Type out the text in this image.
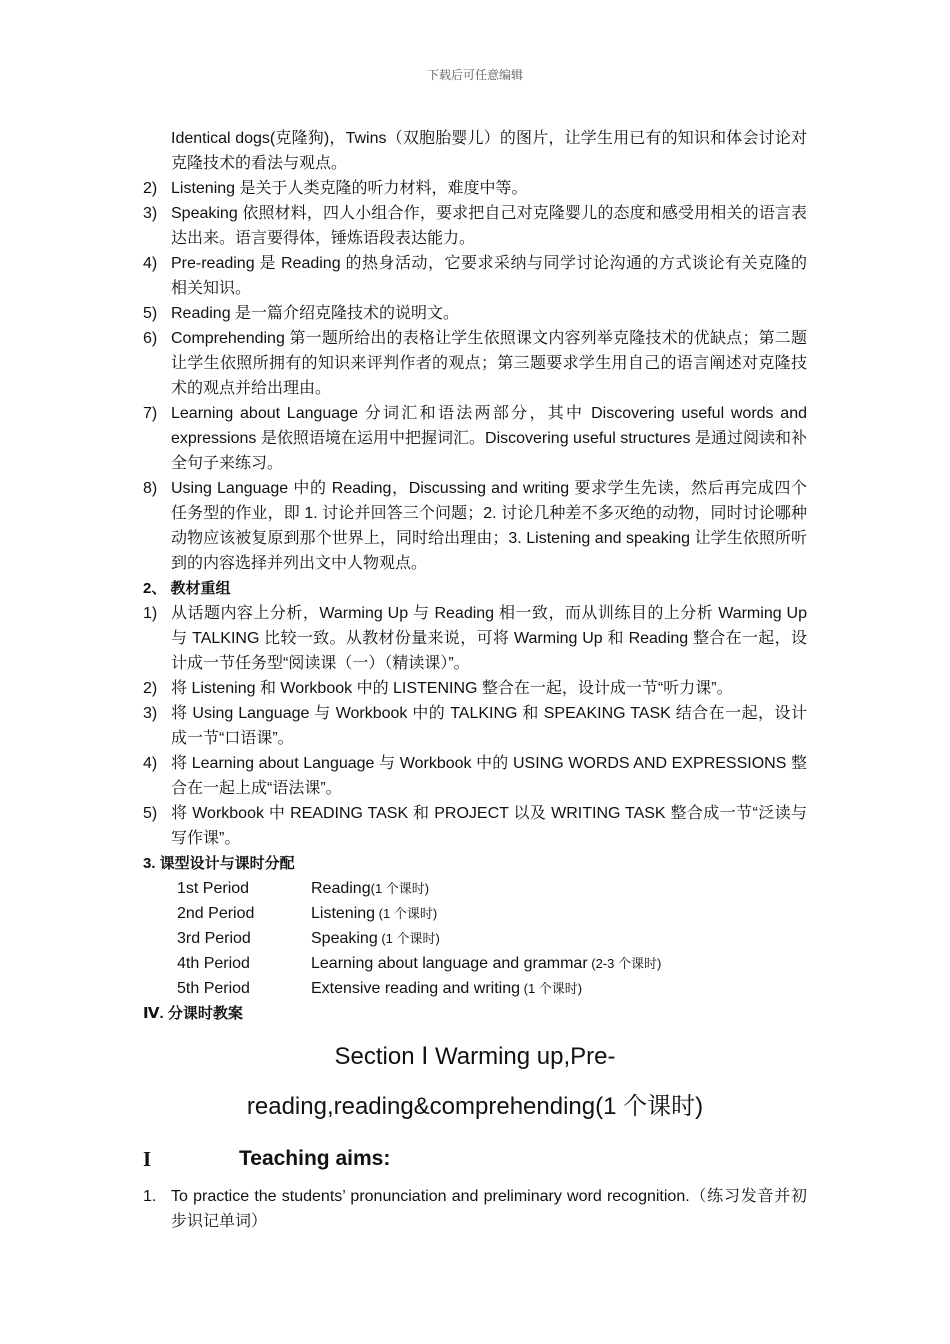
下载后可任意编辑
Identical dogs(克隆狗)，Twins（双胞胎婴儿）的图片，让学生用已有的知识和体会讨论对克隆技术的看法与观点。
2) Listening 是关于人类克隆的听力材料，难度中等。
3) Speaking 依照材料，四人小组合作，要求把自己对克隆婴儿的态度和感受用相关的语言表达出来。语言要得体，锤炼语段表达能力。
4) Pre-reading 是 Reading 的热身活动，它要求采纳与同学讨论沟通的方式谈论有关克隆的相关知识。
5) Reading 是一篇介绍克隆技术的说明文。
6) Comprehending 第一题所给出的表格让学生依照课文内容列举克隆技术的优缺点；第二题让学生依照所拥有的知识来评判作者的观点；第三题要求学生用自己的语言阐述对克隆技术的观点并给出理由。
7) Learning about Language 分词汇和语法两部分，其中 Discovering useful words and expressions 是依照语境在运用中把握词汇。Discovering useful structures 是通过阅读和补全句子来练习。
8) Using Language 中的 Reading，Discussing and writing 要求学生先读，然后再完成四个任务型的作业，即 1. 讨论并回答三个问题；2. 讨论几种差不多灭绝的动物，同时讨论哪种动物应该被复原到那个世界上，同时给出理由；3. Listening and speaking 让学生依照所听到的内容选择并列出文中人物观点。
2、 教材重组
1) 从话题内容上分析，Warming Up 与 Reading 相一致，而从训练目的上分析 Warming Up 与 TALKING 比较一致。从教材份量来说，可将 Warming Up 和 Reading 整合在一起，设计成一节任务型“阅读课（一）（精读课）”。
2) 将 Listening 和 Workbook 中的 LISTENING 整合在一起，设计成一节“听力课”。
3) 将 Using Language 与 Workbook 中的 TALKING 和 SPEAKING TASK 结合在一起，设计成一节“口语课”。
4) 将 Learning about Language 与 Workbook 中的 USING WORDS AND EXPRESSIONS 整合在一起上成“语法课”。
5) 将 Workbook 中 READING TASK 和 PROJECT 以及 WRITING TASK 整合成一节“泛读与写作课”。
3. 课型设计与课时分配
1st Period	Reading(1 个课时)
2nd Period	Listening (1 个课时)
3rd Period	Speaking (1 个课时)
4th Period	Learning about language and grammar (2-3 个课时)
5th Period	Extensive reading and writing (1 个课时)
Ⅳ. 分课时教案
Section Ⅰ Warming up,Pre-
reading,reading&comprehending(1 个课时)
I	Teaching aims:
1. To practice the students’ pronunciation and preliminary word recognition.（练习发音并初步识记单词）
